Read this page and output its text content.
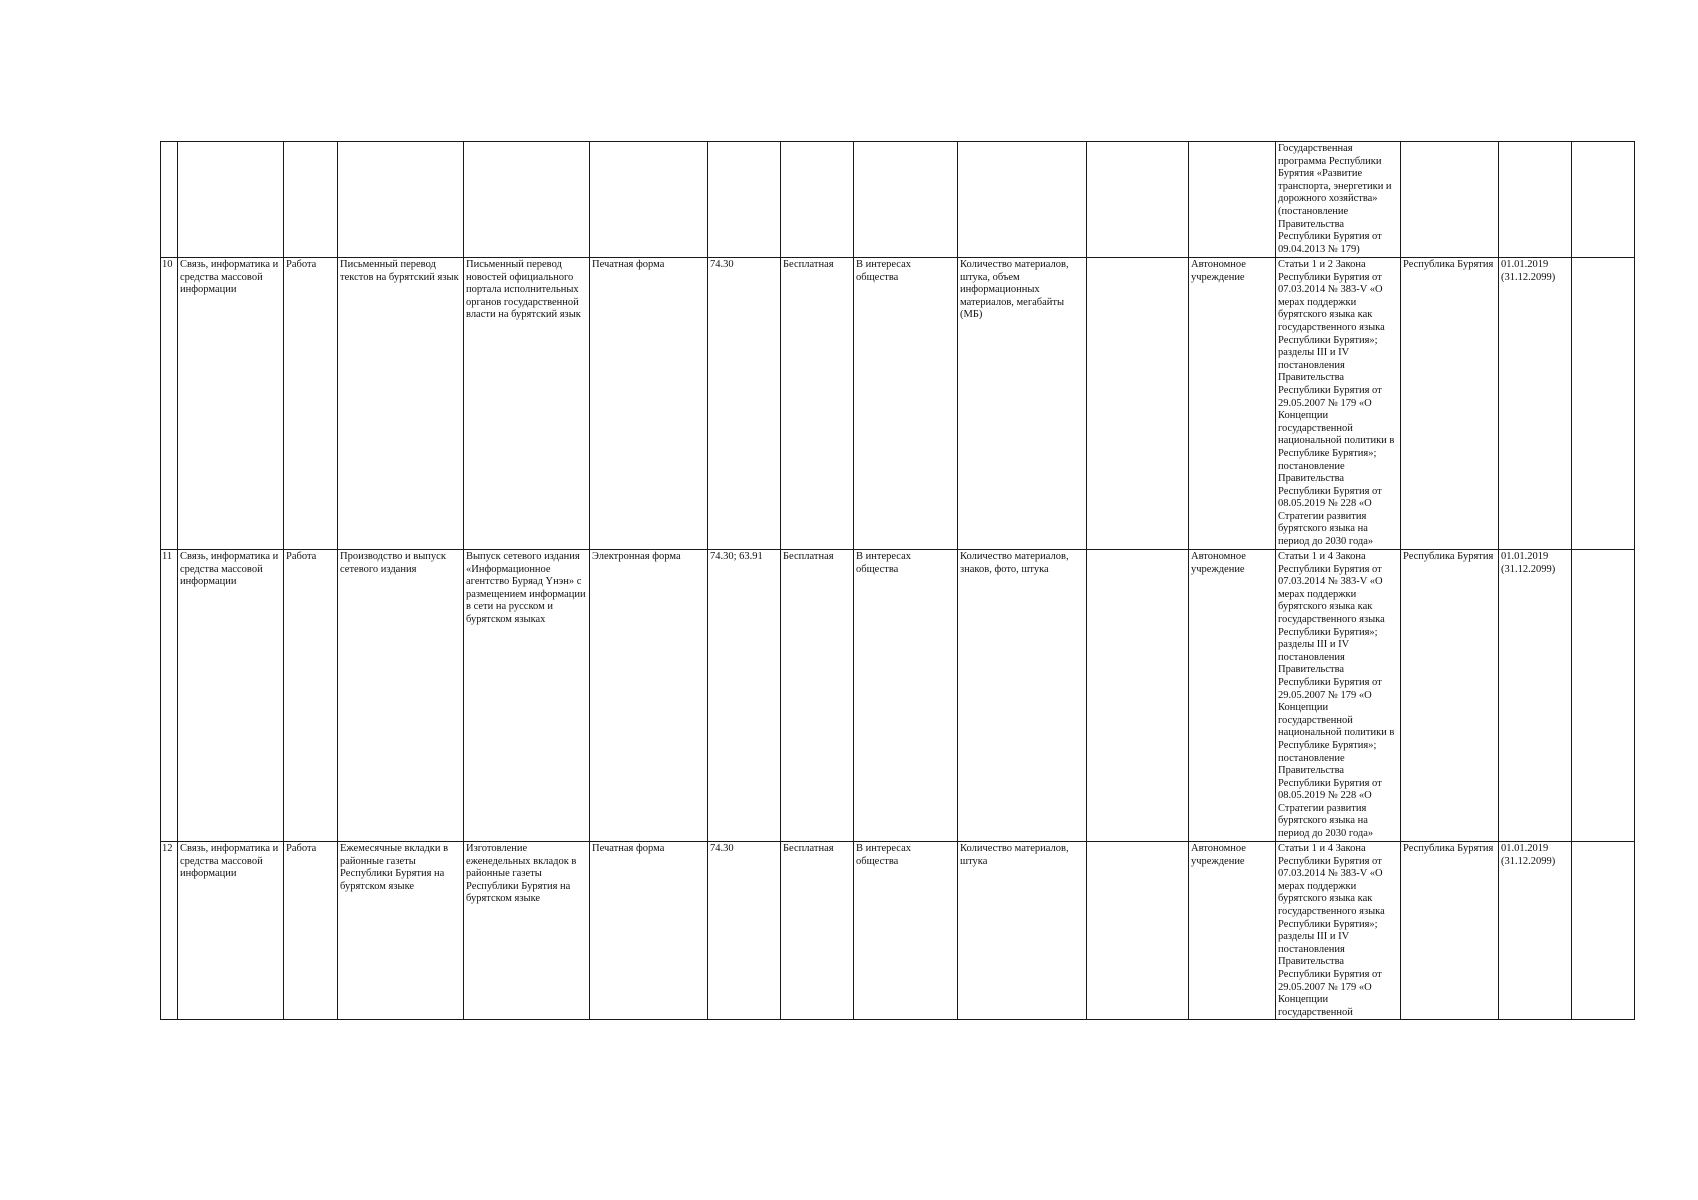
												Государственная программа Республики Бурятия «Развитие транспорта, энергетики и дорожного хозяйства» (постановление Правительства Республики Бурятия от 09.04.2013 № 179)			
10	Связь, информатика и средства массовой информации	Работа	Письменный перевод текстов на бурятский язык	Письменный перевод новостей официального портала исполнительных органов государственной власти на бурятский язык	Печатная форма	74.30	Бесплатная	В интересах общества	Количество материалов, штука, объем информационных материалов, мегабайты (МБ)		Автономное учреждение	Статьи 1 и 2 Закона Республики Бурятия от 07.03.2014 № 383-V «О мерах поддержки бурятского языка как государственного языка Республики Бурятия»; разделы III и IV постановления Правительства Республики Бурятия от 29.05.2007 № 179 «О Концепции государственной национальной политики в Республике Бурятия»; постановление Правительства Республики Бурятия от 08.05.2019 № 228 «О Стратегии развития бурятского языка на период до 2030 года»	Республика Бурятия	01.01.2019 (31.12.2099)	
11	Связь, информатика и средства массовой информации	Работа	Производство и выпуск сетевого издания	Выпуск сетевого издания «Информационное агентство Буряад Үнэн» с размещением информации в сети на русском и бурятском языках	Электронная форма	74.30; 63.91	Бесплатная	В интересах общества	Количество материалов, знаков, фото, штука		Автономное учреждение	Статьи 1 и 4 Закона Республики Бурятия от 07.03.2014 № 383-V «О мерах поддержки бурятского языка как государственного языка Республики Бурятия»; разделы III и IV постановления Правительства Республики Бурятия от 29.05.2007 № 179 «О Концепции государственной национальной политики в Республике Бурятия»; постановление Правительства Республики Бурятия от 08.05.2019 № 228 «О Стратегии развития бурятского языка на период до 2030 года»	Республика Бурятия	01.01.2019 (31.12.2099)	
12	Связь, информатика и средства массовой информации	Работа	Ежемесячные вкладки в районные газеты Республики Бурятия на бурятском языке	Изготовление еженедельных вкладок в районные газеты Республики Бурятия на бурятском языке	Печатная форма	74.30	Бесплатная	В интересах общества	Количество материалов, штука		Автономное учреждение	Статьи 1 и 4 Закона Республики Бурятия от 07.03.2014 № 383-V «О мерах поддержки бурятского языка как государственного языка Республики Бурятия»; разделы III и IV постановления Правительства Республики Бурятия от 29.05.2007 № 179 «О Концепции государственной	Республика Бурятия	01.01.2019 (31.12.2099)	
